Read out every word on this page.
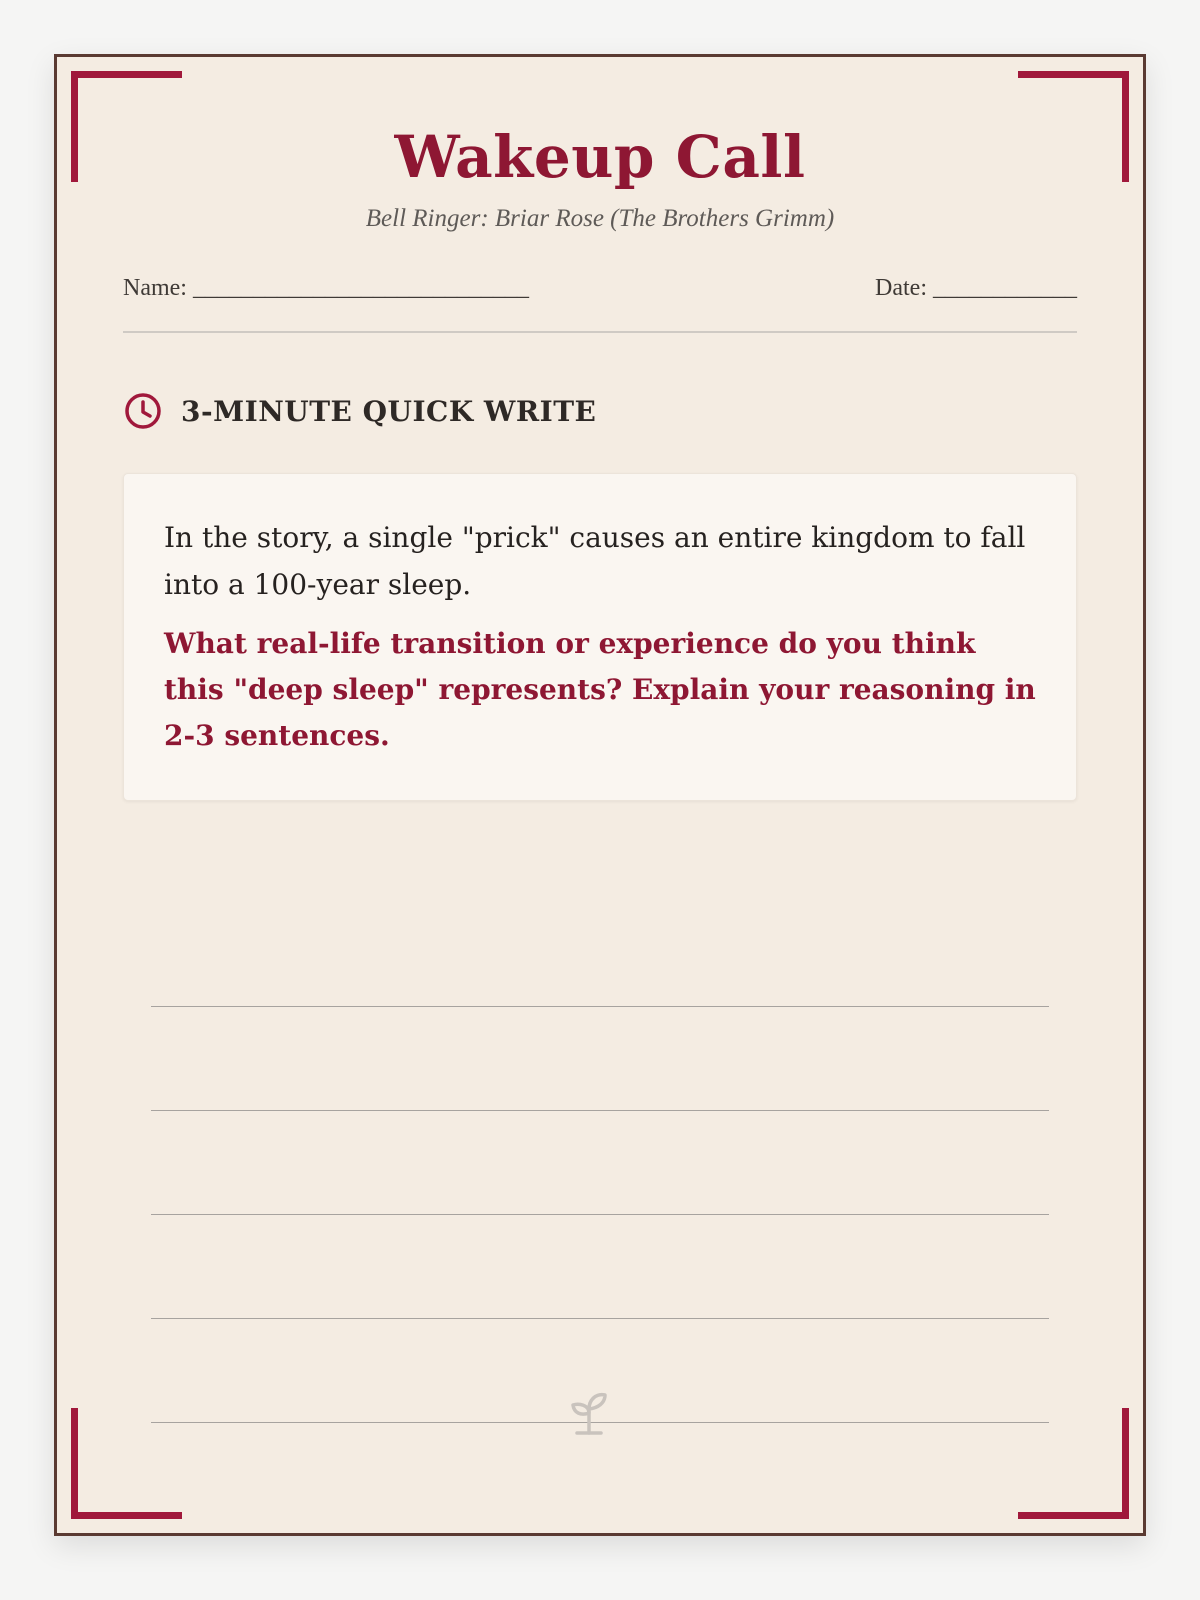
Wakeup Call
Bell Ringer: Briar Rose (The Brothers Grimm)
Name: ____________________________	Date: ____________
3-MINUTE QUICK WRITE

In the story, a single "prick" causes an entire kingdom to fall into a 100-year sleep.

What real-life transition or experience do you think this "deep sleep" represents? Explain your reasoning in 2-3 sentences.
